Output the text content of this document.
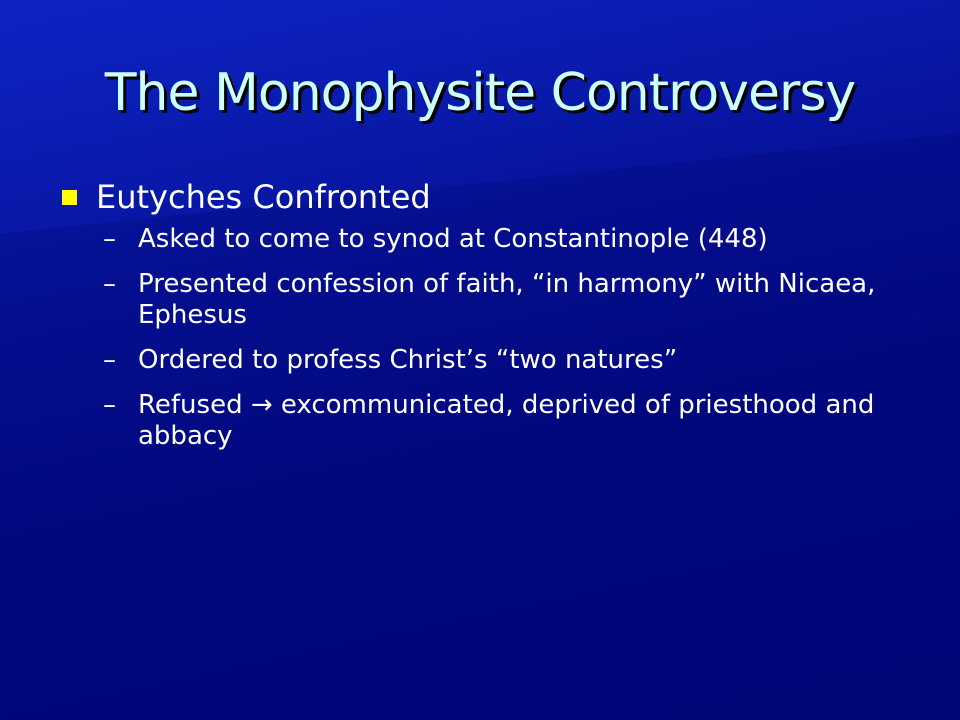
The Monophysite Controversy
Eutyches Confronted
– Asked to come to synod at Constantinople (448)
– Presented confession of faith, “in harmony” with Nicaea, Ephesus
– Ordered to profess Christ’s “two natures”
– Refused → excommunicated, deprived of priesthood and abbacy
